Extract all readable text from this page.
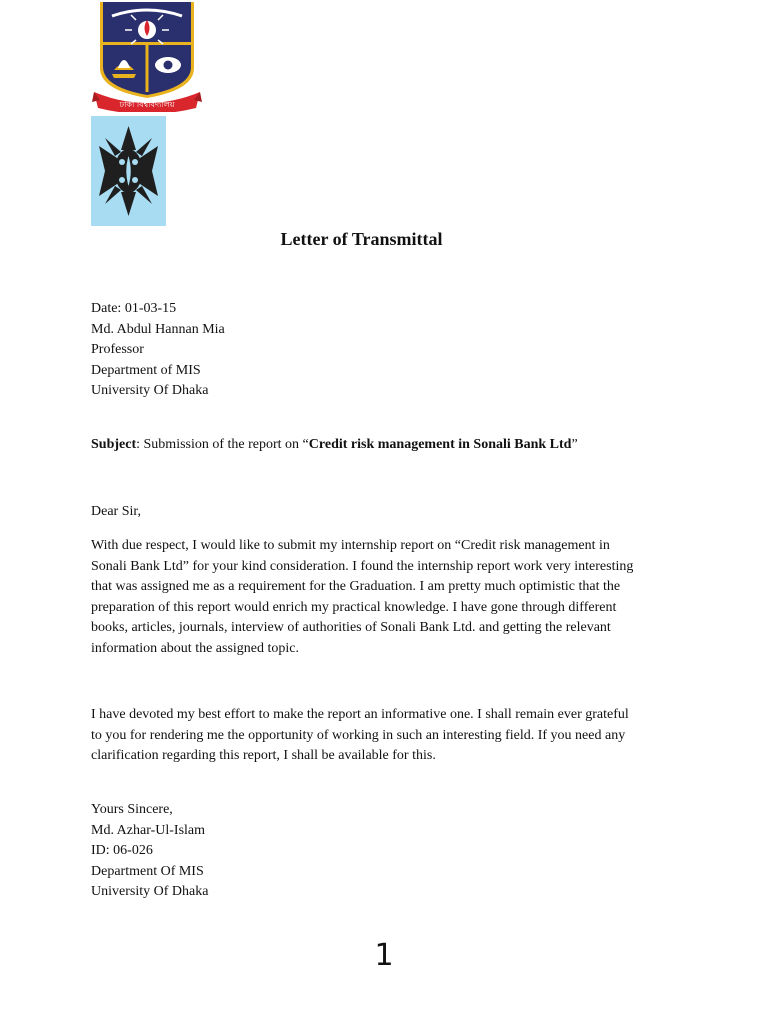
ঢাকা বিশ্ববিদ্যালয়
Letter of Transmittal
Date: 01-03-15
Md. Abdul Hannan Mia
Professor
Department of MIS
University Of Dhaka
Subject: Submission of the report on “Credit risk management in Sonali Bank Ltd”
Dear Sir,
With due respect, I would like to submit my internship report on “Credit risk management in
Sonali Bank Ltd” for your kind consideration. I found the internship report work very interesting
that was assigned me as a requirement for the Graduation. I am pretty much optimistic that the
preparation of this report would enrich my practical knowledge. I have gone through different
books, articles, journals, interview of authorities of Sonali Bank Ltd. and getting the relevant
information about the assigned topic.
I have devoted my best effort to make the report an informative one. I shall remain ever grateful
to you for rendering me the opportunity of working in such an interesting field. If you need any
clarification regarding this report, I shall be available for this.
Yours Sincere,
Md. Azhar-Ul-Islam
ID: 06-026
Department Of MIS
University Of Dhaka
1
